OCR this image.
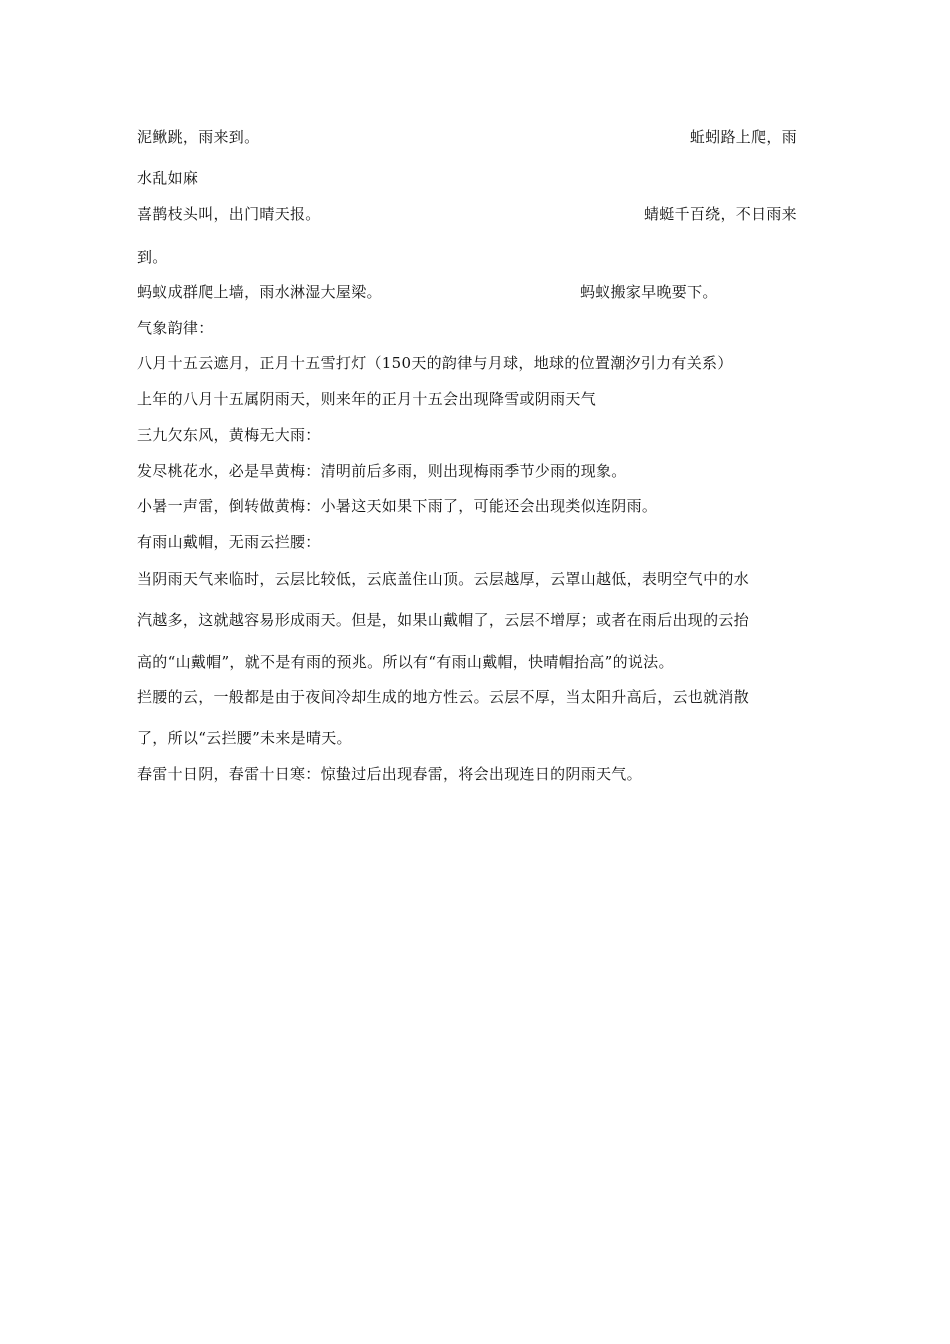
泥鳅跳，雨来到。	蚯蚓路上爬，雨
水乱如麻
喜鹊枝头叫，出门晴天报。	蜻蜓千百绕，不日雨来
到。
蚂蚁成群爬上墙，雨水淋湿大屋梁。	蚂蚁搬家早晚要下。
气象韵律：
八月十五云遮月，正月十五雪打灯（150天的韵律与月球，地球的位置潮汐引力有关系）
上年的八月十五属阴雨天，则来年的正月十五会出现降雪或阴雨天气
三九欠东风，黄梅无大雨：
发尽桃花水，必是旱黄梅：清明前后多雨，则出现梅雨季节少雨的现象。
小暑一声雷，倒转做黄梅：小暑这天如果下雨了，可能还会出现类似连阴雨。
有雨山戴帽，无雨云拦腰：
当阴雨天气来临时，云层比较低，云底盖住山顶。云层越厚，云罩山越低，表明空气中的水
汽越多，这就越容易形成雨天。但是，如果山戴帽了，云层不增厚；或者在雨后出现的云抬
高的“山戴帽”，就不是有雨的预兆。所以有“有雨山戴帽，快晴帽抬高”的说法。
拦腰的云，一般都是由于夜间冷却生成的地方性云。云层不厚，当太阳升高后，云也就消散
了，所以“云拦腰”未来是晴天。
春雷十日阴，春雷十日寒：惊蛰过后出现春雷，将会出现连日的阴雨天气。
